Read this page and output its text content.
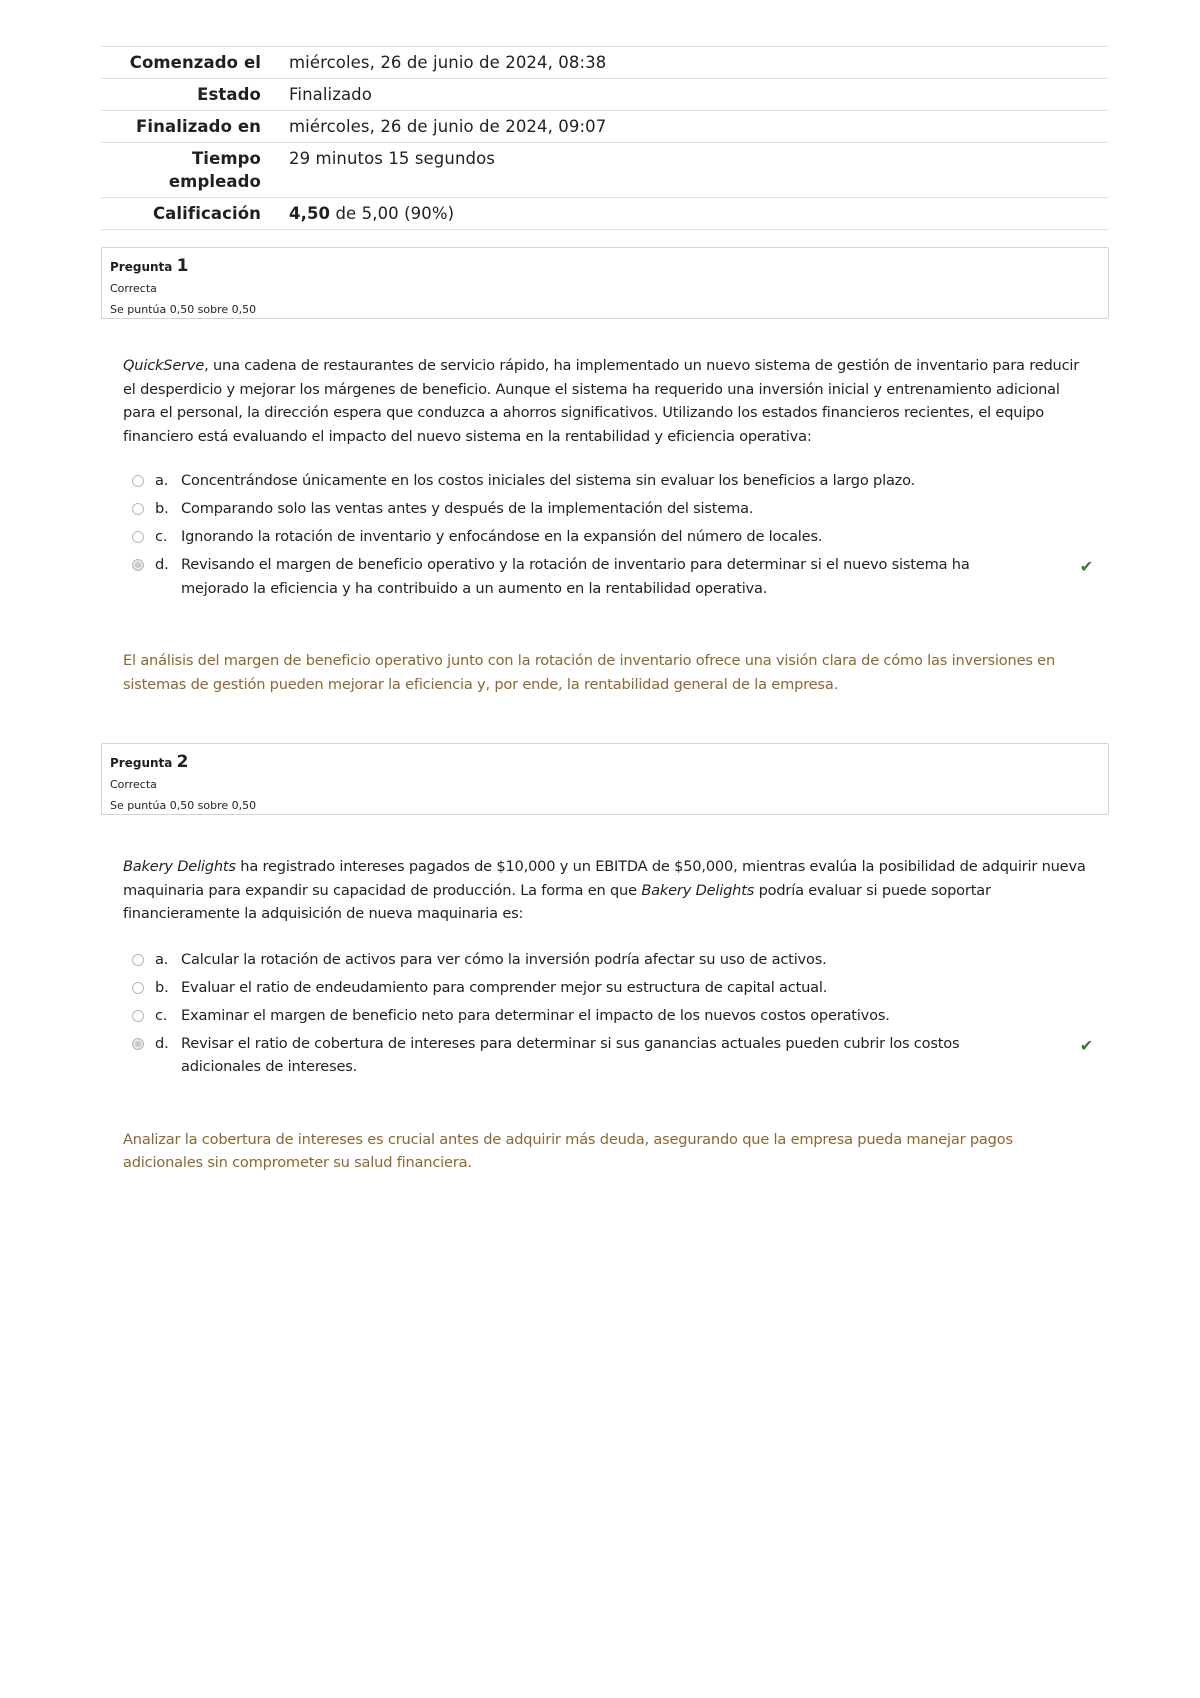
Comenzado el	miércoles, 26 de junio de 2024, 08:38
Estado	Finalizado
Finalizado en	miércoles, 26 de junio de 2024, 09:07
Tiempo empleado	29 minutos 15 segundos
Calificación	4,50 de 5,00 (90%)
Pregunta 1
Correcta
Se puntúa 0,50 sobre 0,50
QuickServe, una cadena de restaurantes de servicio rápido, ha implementado un nuevo sistema de gestión de inventario para reducir el desperdicio y mejorar los márgenes de beneficio. Aunque el sistema ha requerido una inversión inicial y entrenamiento adicional para el personal, la dirección espera que conduzca a ahorros significativos. Utilizando los estados financieros recientes, el equipo financiero está evaluando el impacto del nuevo sistema en la rentabilidad y eficiencia operativa:
a. Concentrándose únicamente en los costos iniciales del sistema sin evaluar los beneficios a largo plazo.
b. Comparando solo las ventas antes y después de la implementación del sistema.
c. Ignorando la rotación de inventario y enfocándose en la expansión del número de locales.
d. Revisando el margen de beneficio operativo y la rotación de inventario para determinar si el nuevo sistema ha mejorado la eficiencia y ha contribuido a un aumento en la rentabilidad operativa.
✔
El análisis del margen de beneficio operativo junto con la rotación de inventario ofrece una visión clara de cómo las inversiones en sistemas de gestión pueden mejorar la eficiencia y, por ende, la rentabilidad general de la empresa.
Pregunta 2
Correcta
Se puntúa 0,50 sobre 0,50
Bakery Delights ha registrado intereses pagados de $10,000 y un EBITDA de $50,000, mientras evalúa la posibilidad de adquirir nueva maquinaria para expandir su capacidad de producción. La forma en que Bakery Delights podría evaluar si puede soportar financieramente la adquisición de nueva maquinaria es:
a. Calcular la rotación de activos para ver cómo la inversión podría afectar su uso de activos.
b. Evaluar el ratio de endeudamiento para comprender mejor su estructura de capital actual.
c. Examinar el margen de beneficio neto para determinar el impacto de los nuevos costos operativos.
d. Revisar el ratio de cobertura de intereses para determinar si sus ganancias actuales pueden cubrir los costos adicionales de intereses.
✔
Analizar la cobertura de intereses es crucial antes de adquirir más deuda, asegurando que la empresa pueda manejar pagos adicionales sin comprometer su salud financiera.
